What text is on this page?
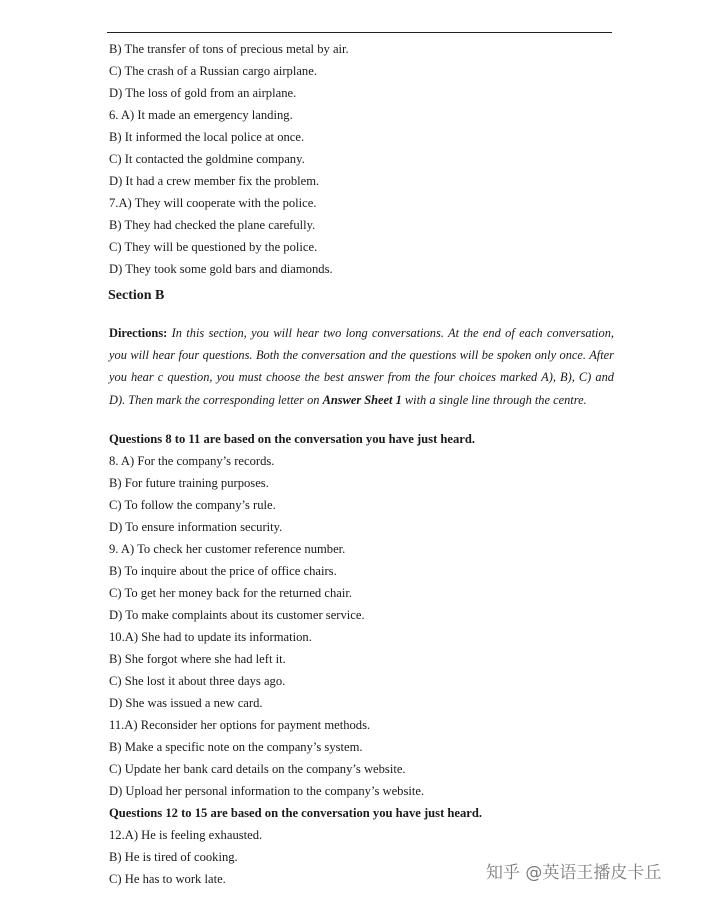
B) The transfer of tons of precious metal by air.
C) The crash of a Russian cargo airplane.
D) The loss of gold from an airplane.
6. A) It made an emergency landing.
B) It informed the local police at once.
C) It contacted the goldmine company.
D) It had a crew member fix the problem.
7.A) They will cooperate with the police.
B) They had checked the plane carefully.
C) They will be questioned by the police.
D) They took some gold bars and diamonds.
Section B
Directions: In this section, you will hear two long conversations. At the end of each conversation, you will hear four questions. Both the conversation and the questions will be spoken only once. After you hear c question, you must choose the best answer from the four choices marked A), B), C) and D). Then mark the corresponding letter on Answer Sheet 1 with a single line through the centre.
Questions 8 to 11 are based on the conversation you have just heard.
8. A) For the company’s records.
B) For future training purposes.
C) To follow the company’s rule.
D) To ensure information security.
9. A) To check her customer reference number.
B) To inquire about the price of office chairs.
C) To get her money back for the returned chair.
D) To make complaints about its customer service.
10.A) She had to update its information.
B) She forgot where she had left it.
C) She lost it about three days ago.
D) She was issued a new card.
11.A) Reconsider her options for payment methods.
B) Make a specific note on the company’s system.
C) Update her bank card details on the company’s website.
D) Upload her personal information to the company’s website.
Questions 12 to 15 are based on the conversation you have just heard.
12.A) He is feeling exhausted.
B) He is tired of cooking.
C) He has to work late.	知乎 @英语王播皮卡丘
